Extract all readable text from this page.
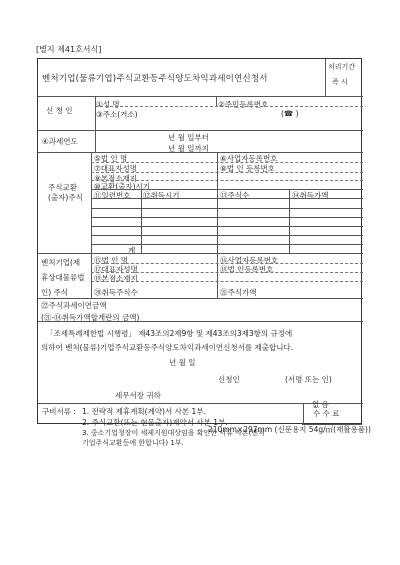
[별지 제41호서식]
벤처기업(물류기업)주식교환등주식양도차익과세이연신청서
처리기간
즉 시
신 청 인
①성 명	②주민등록번호
③주소(거소)	(☎ )
④과세연도	년 월 일부터
년 월 일까지
주식교환
(출자)주식
⑤법 인 명	⑥사업자등록번호
⑦대표자성명	⑧법 인 등록번호
⑨본점소재지
⑩교환(출자)시기
⑪일련번호 ⑫취득시기	⑬주식수	⑭취득가액
계
벤처기업(제
휴상대물류법
인) 주식
⑮법 인 명	⑯사업자등록번호
⑰대표자성명	⑱법 인등록번호
⑲본점소재지
⑳취득주식수	㉑주식가액
㉒주식과세이연금액
(㉑-⑭취득가액합계란의 금액)
「조세특례제한법 시행령」 제43조의2제9항 및 제43조의3제3항의 규정에
의하여 벤처(물류)기업주식교환등주식양도차익과세이연신청서를 제출합니다.
년 월 일
신청인	(서명 또는 인)
세무서장 귀하
구비서류 : 1. 전략적 제휴계획(계약)서 사본 1부.
2. 주식교환(또는 현물출자)계약서 사본 1부.
3. 중소기업청장이 세제지원대상임을 확인한 서류 사본(벤처
기업주식교환등에 한합니다) 1부.
수 수 료
없 음
210mm×297mm (신문용지 54g/㎡(재활용품))
